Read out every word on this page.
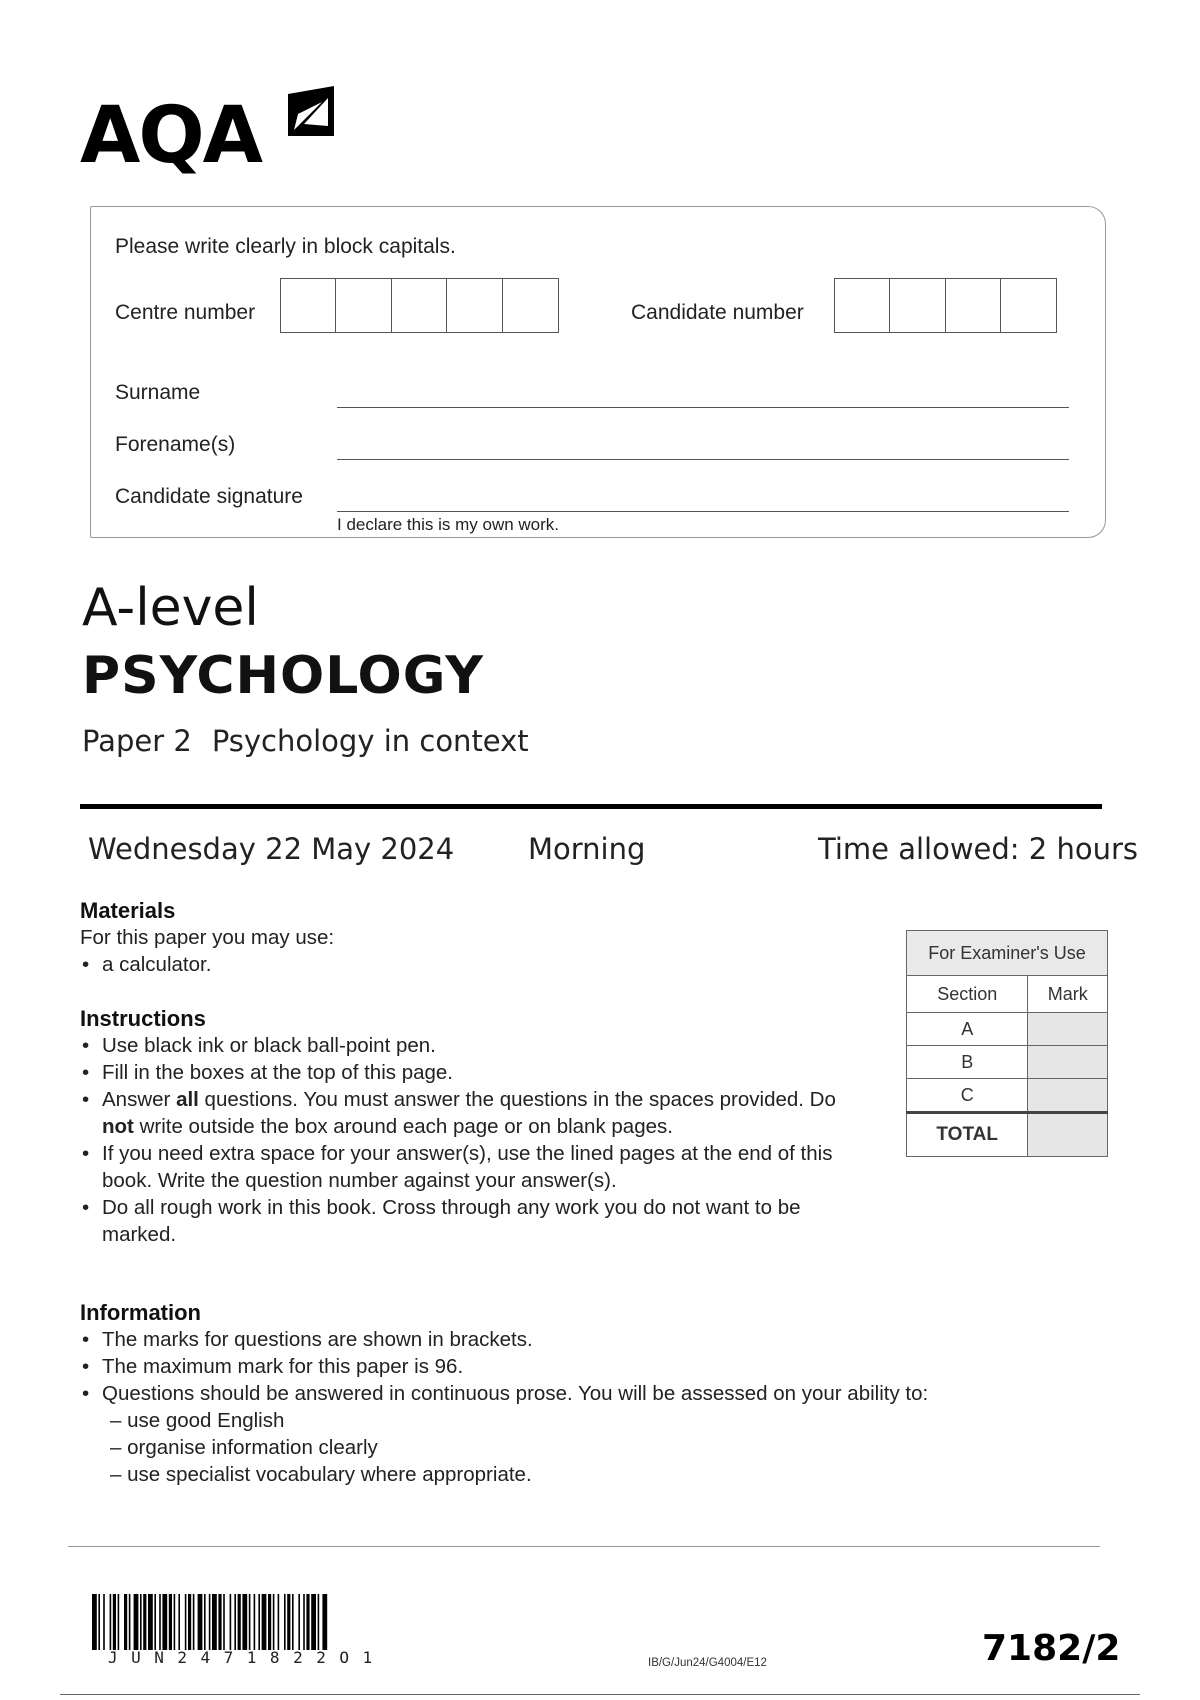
AQA
Please write clearly in block capitals.
Centre number	Candidate number
Surname
Forename(s)
Candidate signature
I declare this is my own work.
A-level
PSYCHOLOGY
Paper 2 Psychology in context
Wednesday 22 May 2024	Morning	Time allowed: 2 hours
Materials
For this paper you may use:
• a calculator.
Instructions
• Use black ink or black ball-point pen.
• Fill in the boxes at the top of this page.
• Answer all questions. You must answer the questions in the spaces provided. Do not write outside the box around each page or on blank pages.
• If you need extra space for your answer(s), use the lined pages at the end of this book. Write the question number against your answer(s).
• Do all rough work in this book. Cross through any work you do not want to be marked.
Information
• The marks for questions are shown in brackets.
• The maximum mark for this paper is 96.
• Questions should be answered in continuous prose. You will be assessed on your ability to:
– use good English
– organise information clearly
– use specialist vocabulary where appropriate.
For Examiner's Use	
Section	Mark
A	
B	
C	
TOTAL	
JUN2471822O1	IB/G/Jun24/G4004/E12	7182/2
